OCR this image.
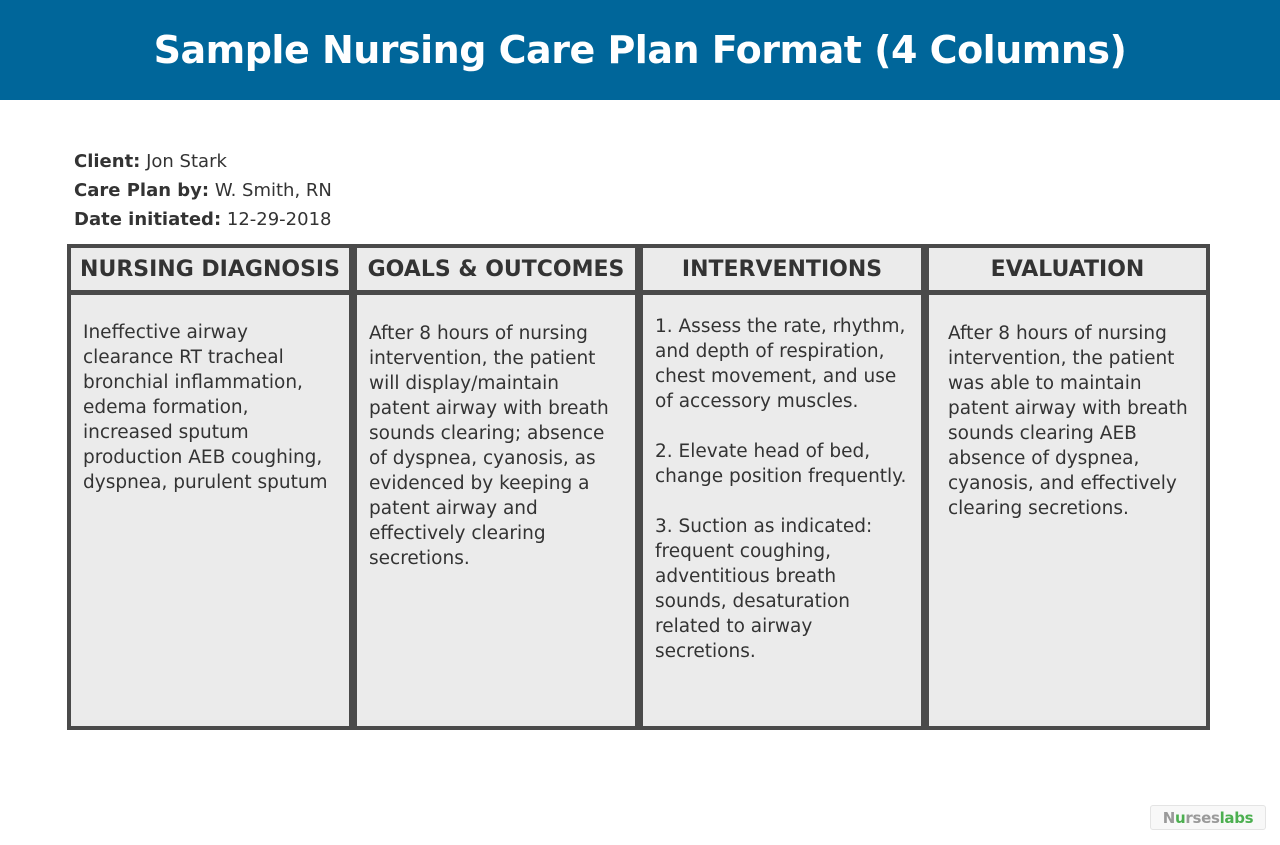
Sample Nursing Care Plan Format (4 Columns)
Client: Jon Stark
Care Plan by: W. Smith, RN
Date initiated: 12-29-2018
NURSING DIAGNOSIS
Ineffective airway clearance RT tracheal bronchial inflammation, edema formation, increased sputum production AEB coughing, dyspnea, purulent sputum
GOALS & OUTCOMES
After 8 hours of nursing intervention, the patient will display/maintain patent airway with breath sounds clearing; absence of dyspnea, cyanosis, as evidenced by keeping a patent airway and effectively clearing secretions.
INTERVENTIONS
1. Assess the rate, rhythm, and depth of respiration, chest movement, and use of accessory muscles.
2. Elevate head of bed, change position frequently.
3. Suction as indicated: frequent coughing, adventitious breath sounds, desaturation related to airway secretions.
EVALUATION
After 8 hours of nursing intervention, the patient was able to maintain patent airway with breath sounds clearing AEB absence of dyspnea, cyanosis, and effectively clearing secretions.
N u rses labs
